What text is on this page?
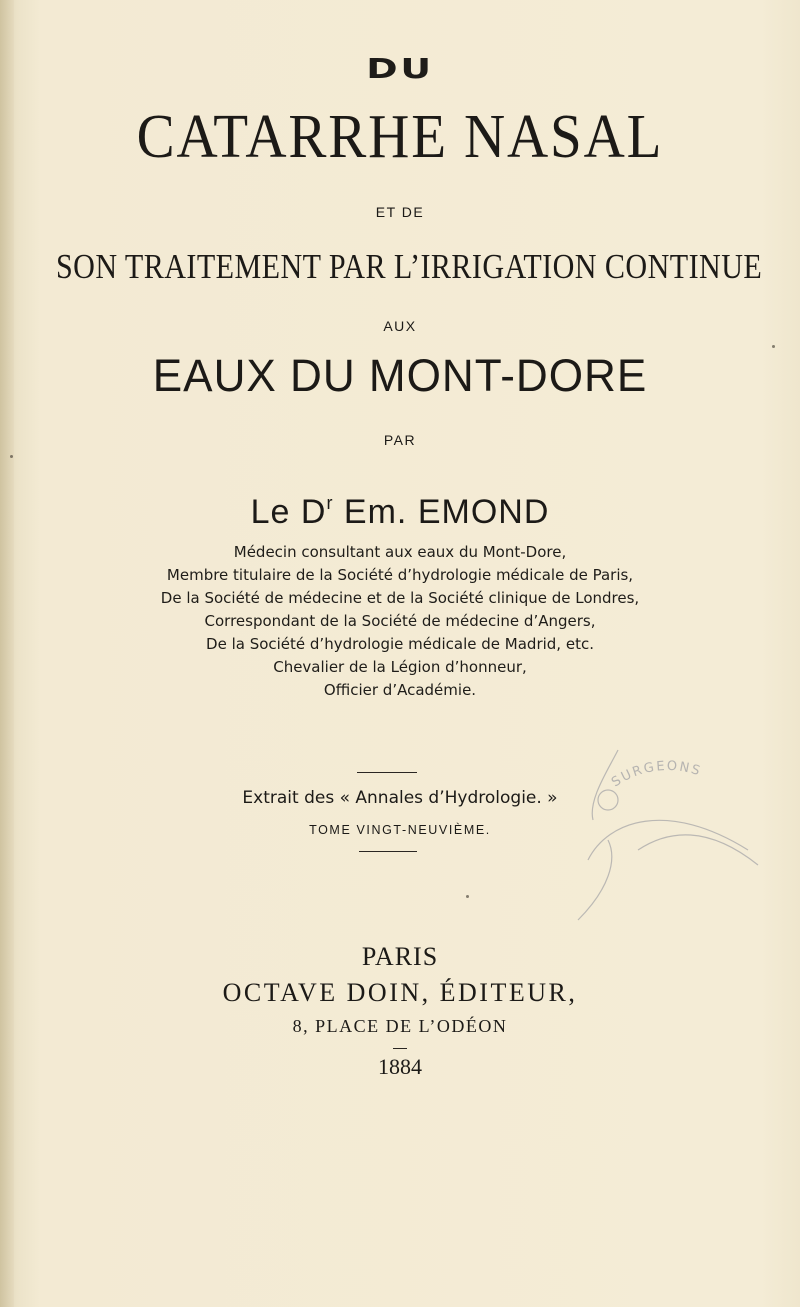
DU
CATARRHE NASAL
ET DE
SON TRAITEMENT PAR L’IRRIGATION CONTINUE
AUX
EAUX DU MONT-DORE
PAR
Le $D^r$ Em. EMOND
Médecin consultant aux eaux du Mont-Dore,
Membre titulaire de la Société d’hydrologie médicale de Paris,
De la Société de médecine et de la Société clinique de Londres,
Correspondant de la Société de médecine d’Angers,
De la Société d’hydrologie médicale de Madrid, etc.
Chevalier de la Légion d’honneur,
Officier d’Académie.
Extrait des « Annales d’Hydrologie. »
TOME VINGT-NEUVIÈME.
SURGEONS
PARIS
OCTAVE DOIN, ÉDITEUR,
8, PLACE DE L’ODÉON
1884
